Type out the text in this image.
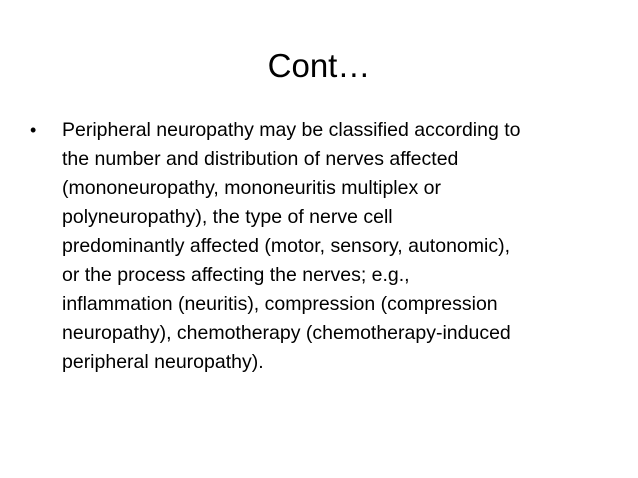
Cont…
•	Peripheral neuropathy may be classified according to
the number and distribution of nerves affected
(mononeuropathy, mononeuritis multiplex or
polyneuropathy), the type of nerve cell
predominantly affected (motor, sensory, autonomic),
or the process affecting the nerves; e.g.,
inflammation (neuritis), compression (compression
neuropathy), chemotherapy (chemotherapy-induced
peripheral neuropathy).
